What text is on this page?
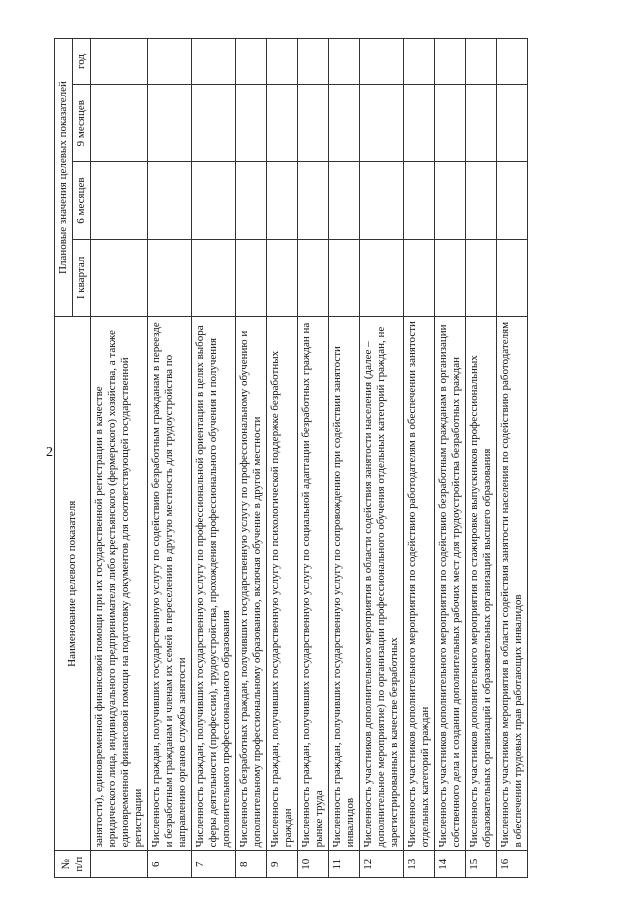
2
№ п/п	Наименование целевого показателя	Плановые значения целевых показателей			
		I квартал	6 месяцев	9 месяцев	год
	занятости), единовременной финансовой помощи при их государственной регистрации в качестве юридического лица, индивидуального предпринимателя либо крестьянского (фермерского) хозяйства, а также единовременной финансовой помощи на подготовку документов для соответствующей государственной регистрации				
6	Численность граждан, получивших государственную услугу по содействию безработным гражданам в переезде и безработным гражданам и членам их семей в переселении в другую местность для трудоустройства по направлению органов службы занятости				
7	Численность граждан, получивших государственную услугу по профессиональной ориентации в целях выбора сферы деятельности (профессии), трудоустройства, прохождения профессионального обучения и получения дополнительного профессионального образования				
8	Численность безработных граждан, получивших государственную услугу по профессиональному обучению и дополнительному профессиональному образованию, включая обучение в другой местности				
9	Численность граждан, получивших государственную услугу по психологической поддержке безработных граждан				
10	Численность граждан, получивших государственную услугу по социальной адаптации безработных граждан на рынке труда				
11	Численность граждан, получивших государственную услугу по сопровождению при содействии занятости инвалидов				
12	Численность участников дополнительного мероприятия в области содействия занятости населения (далее – дополнительное мероприятие) по организации профессионального обучения отдельных категорий граждан, не зарегистрированных в качестве безработных				
13	Численность участников дополнительного мероприятия по содействию работодателям в обеспечении занятости отдельных категорий граждан				
14	Численность участников дополнительного мероприятия по содействию безработным гражданам в организации собственного дела и создании дополнительных рабочих мест для трудоустройства безработных граждан				
15	Численность участников дополнительного мероприятия по стажировке выпускников профессиональных образовательных организаций и образовательных организаций высшего образования				
16	Численность участников мероприятия в области содействия занятости населения по содействию работодателям в обеспечении трудовых прав работающих инвалидов				
